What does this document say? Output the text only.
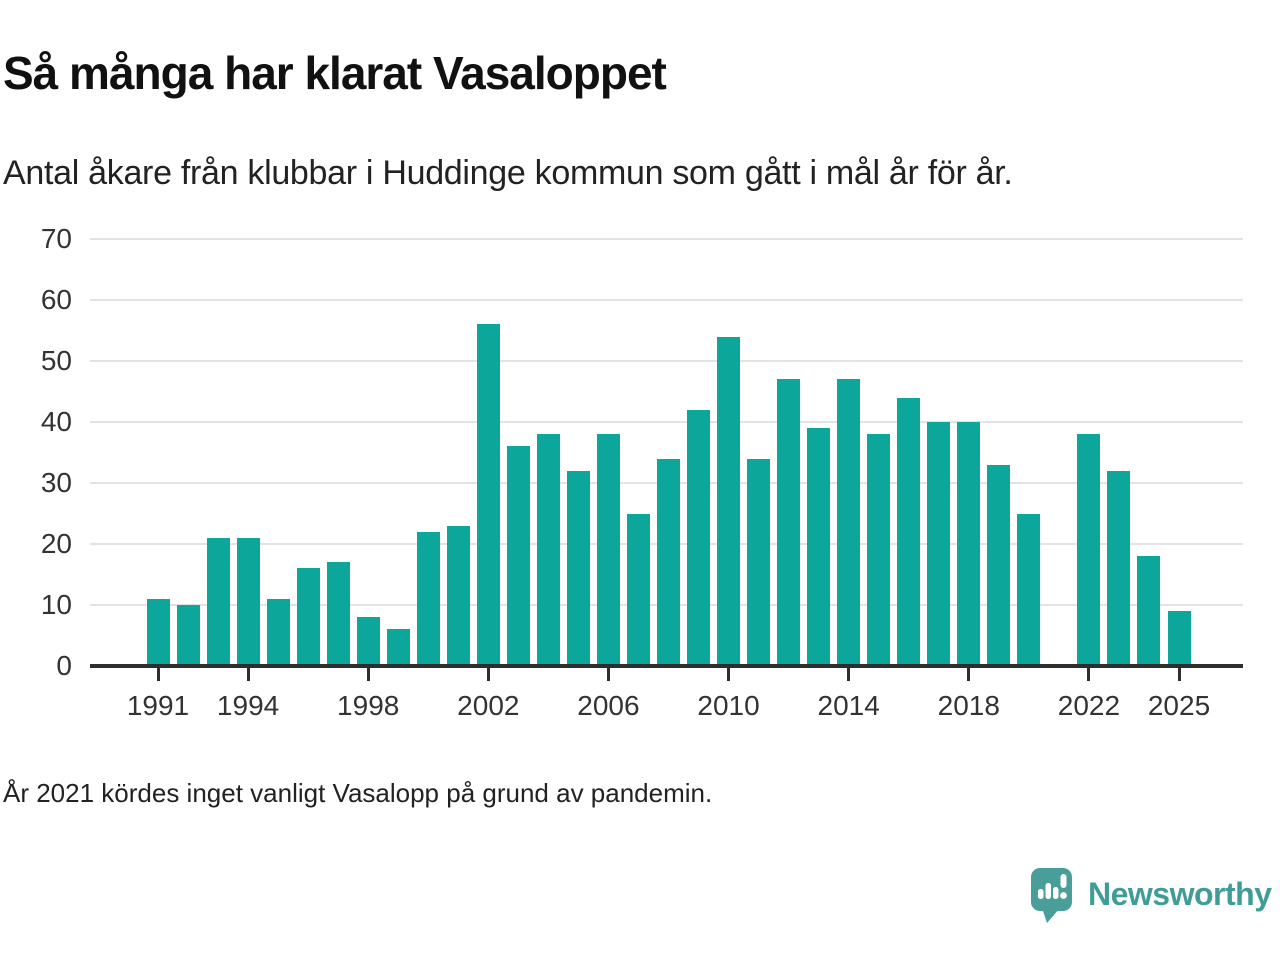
Så många har klarat Vasaloppet

Antal åkare från klubbar i Huddinge kommun som gått i mål år för år.

0
10
20
30
40
50
60
70
1991 1994	1998	2002	2006	2010	2014	2018	2022 2025

År 2021 kördes inget vanligt Vasalopp på grund av pandemin.

Newsworthy
